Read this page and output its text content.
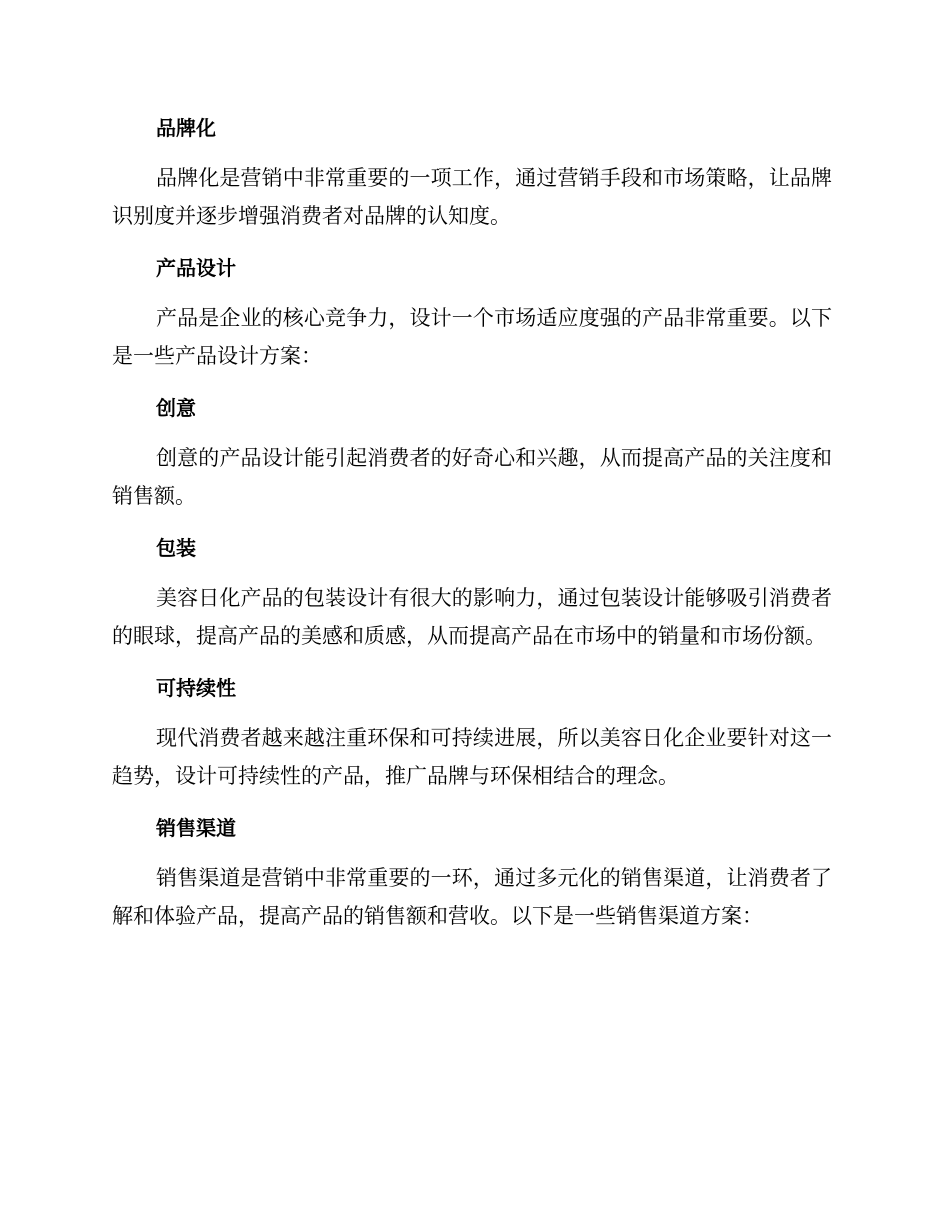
品牌化

品牌化是营销中非常重要的一项工作，通过营销手段和市场策略，让品牌识别度并逐步增强消费者对品牌的认知度。

产品设计

产品是企业的核心竞争力，设计一个市场适应度强的产品非常重要。以下是一些产品设计方案：

创意

创意的产品设计能引起消费者的好奇心和兴趣，从而提高产品的关注度和销售额。

包装

美容日化产品的包装设计有很大的影响力，通过包装设计能够吸引消费者的眼球，提高产品的美感和质感，从而提高产品在市场中的销量和市场份额。

可持续性

现代消费者越来越注重环保和可持续进展，所以美容日化企业要针对这一趋势，设计可持续性的产品，推广品牌与环保相结合的理念。

销售渠道

销售渠道是营销中非常重要的一环，通过多元化的销售渠道，让消费者了解和体验产品，提高产品的销售额和营收。以下是一些销售渠道方案：
